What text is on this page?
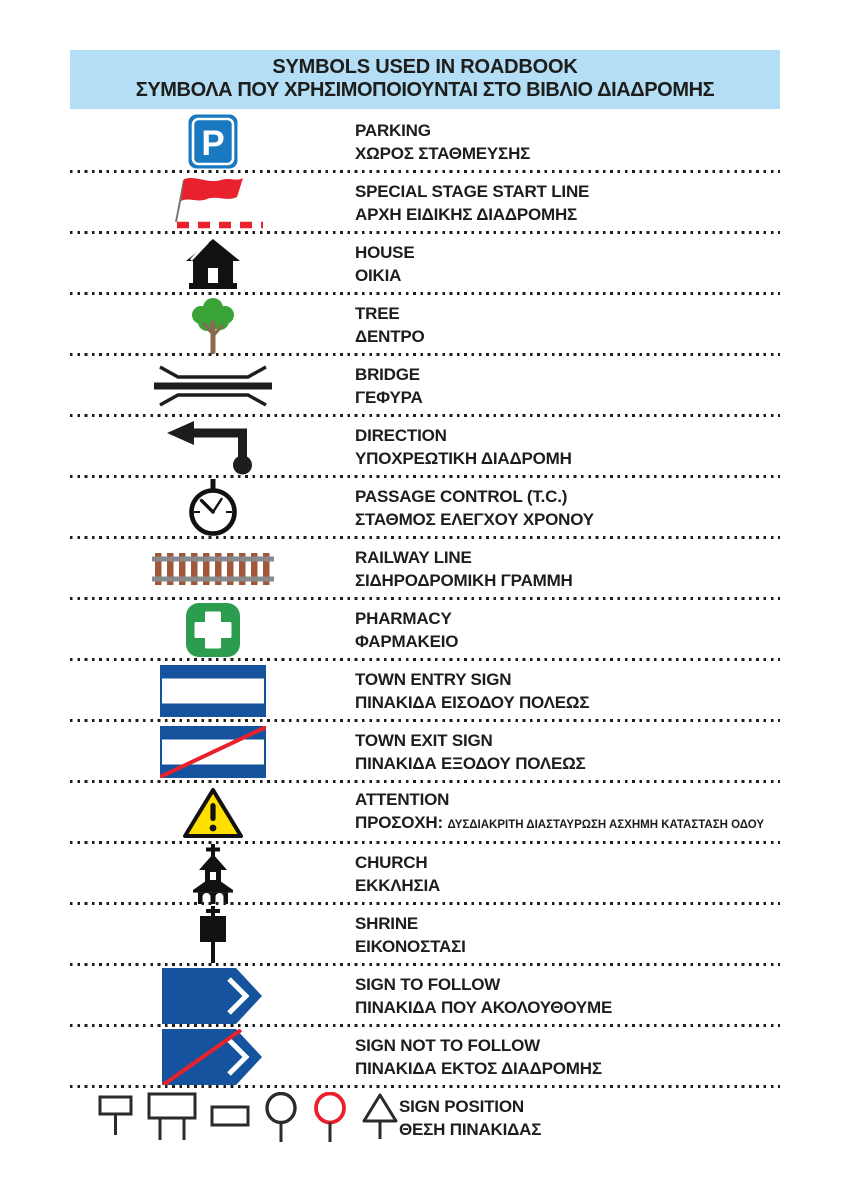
SYMBOLS USED IN ROADBOOK
ΣΥΜΒΟΛΑ ΠΟΥ ΧΡΗΣΙΜΟΠΟΙΟΥΝΤΑΙ ΣΤΟ ΒΙΒΛΙΟ ΔΙΑΔΡΟΜΗΣ
P	PARKING
ΧΩΡΟΣ ΣΤΑΘΜΕΥΣΗΣ
SPECIAL STAGE START LINE
ΑΡΧΗ ΕΙΔΙΚΗΣ ΔΙΑΔΡΟΜΗΣ
HOUSE
ΟΙΚΙΑ
TREE
ΔΕΝΤΡΟ
BRIDGE
ΓΕΦΥΡΑ
DIRECTION
ΥΠΟΧΡΕΩΤΙΚΗ ΔΙΑΔΡΟΜΗ
PASSAGE CONTROL (T.C.)
ΣΤΑΘΜΟΣ ΕΛΕΓΧΟΥ ΧΡΟΝΟΥ
RAILWAY LINE
ΣΙΔΗΡΟΔΡΟΜΙΚΗ ΓΡΑΜΜΗ
PHARMACY
ΦΑΡΜΑΚΕΙΟ
TOWN ENTRY SIGN
ΠΙΝΑΚΙΔΑ ΕΙΣΟΔΟΥ ΠΟΛΕΩΣ
TOWN EXIT SIGN
ΠΙΝΑΚΙΔΑ ΕΞΟΔΟΥ ΠΟΛΕΩΣ
ATTENTION
ΠΡΟΣΟΧΗ: ΔΥΣΔΙΑΚΡΙΤΗ ΔΙΑΣΤΑΥΡΩΣΗ ΑΣΧΗΜΗ ΚΑΤΑΣΤΑΣΗ ΟΔΟΥ
CHURCH
ΕΚΚΛΗΣΙΑ
SHRINE
ΕΙΚΟΝΟΣΤΑΣΙ
SIGN TO FOLLOW
ΠΙΝΑΚΙΔΑ ΠΟΥ ΑΚΟΛΟΥΘΟΥΜΕ
SIGN NOT TO FOLLOW
ΠΙΝΑΚΙΔΑ ΕΚΤΟΣ ΔΙΑΔΡΟΜΗΣ
SIGN POSITION
ΘΕΣΗ ΠΙΝΑΚΙΔΑΣ
